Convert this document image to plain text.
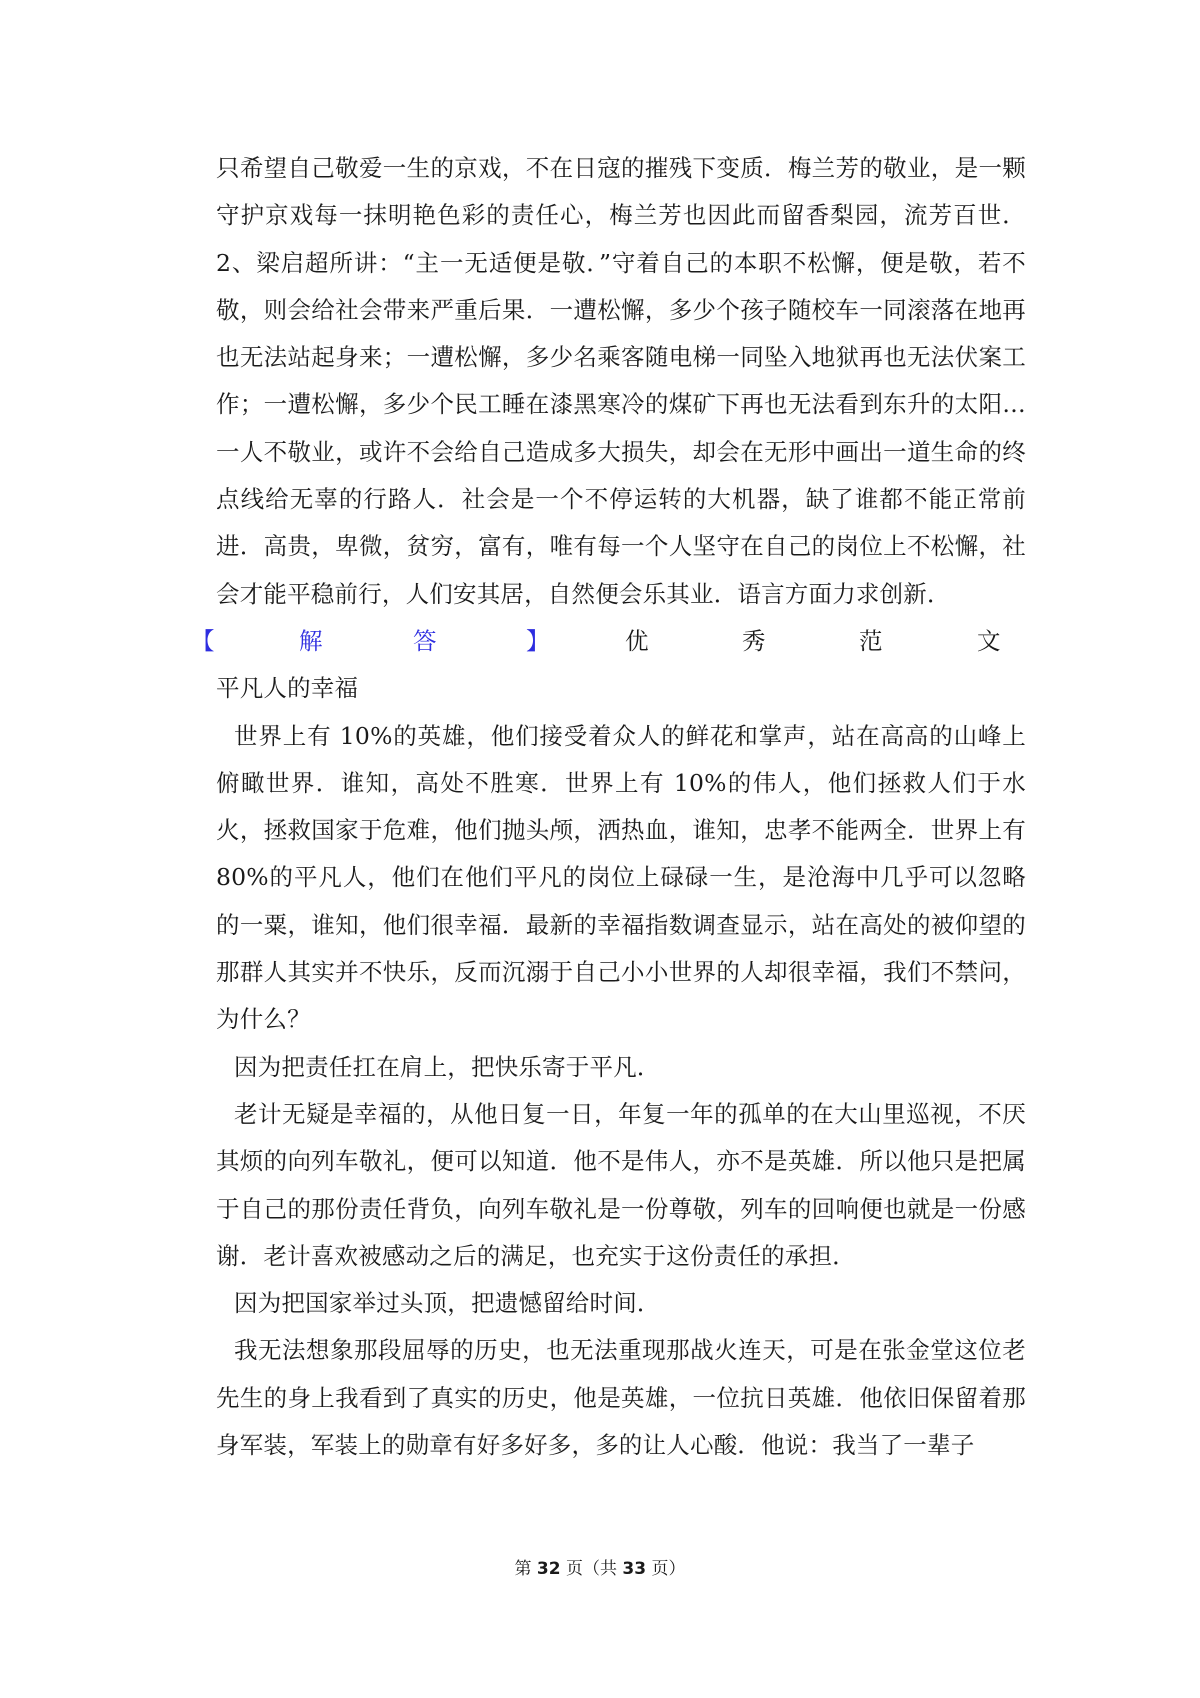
只希望自己敬爱一生的京戏，不在日寇的摧残下变质．梅兰芳的敬业，是一颗守护京戏每一抹明艳色彩的责任心，梅兰芳也因此而留香梨园，流芳百世．2、梁启超所讲：“主一无适便是敬．”守着自己的本职不松懈，便是敬，若不敬，则会给社会带来严重后果．一遭松懈，多少个孩子随校车一同滚落在地再也无法站起身来；一遭松懈，多少名乘客随电梯一同坠入地狱再也无法伏案工作；一遭松懈，多少个民工睡在漆黑寒冷的煤矿下再也无法看到东升的太阳…一人不敬业，或许不会给自己造成多大损失，却会在无形中画出一道生命的终点线给无辜的行路人．社会是一个不停运转的大机器，缺了谁都不能正常前进．高贵，卑微，贫穷，富有，唯有每一个人坚守在自己的岗位上不松懈，社会才能平稳前行，人们安其居，自然便会乐其业．语言方面力求创新．

【	解	答	】	优	秀	范	文

平凡人的幸福

世界上有 10%的英雄，他们接受着众人的鲜花和掌声，站在高高的山峰上俯瞰世界．谁知，高处不胜寒．世界上有 10%的伟人，他们拯救人们于水火，拯救国家于危难，他们抛头颅，洒热血，谁知，忠孝不能两全．世界上有 80%的平凡人，他们在他们平凡的岗位上碌碌一生，是沧海中几乎可以忽略的一粟，谁知，他们很幸福．最新的幸福指数调查显示，站在高处的被仰望的那群人其实并不快乐，反而沉溺于自己小小世界的人却很幸福，我们不禁问，为什么？

因为把责任扛在肩上，把快乐寄于平凡．

老计无疑是幸福的，从他日复一日，年复一年的孤单的在大山里巡视，不厌其烦的向列车敬礼，便可以知道．他不是伟人，亦不是英雄．所以他只是把属于自己的那份责任背负，向列车敬礼是一份尊敬，列车的回响便也就是一份感谢．老计喜欢被感动之后的满足，也充实于这份责任的承担．

因为把国家举过头顶，把遗憾留给时间．

我无法想象那段屈辱的历史，也无法重现那战火连天，可是在张金堂这位老先生的身上我看到了真实的历史，他是英雄，一位抗日英雄．他依旧保留着那身军装，军装上的勋章有好多好多，多的让人心酸．他说：我当了一辈子

第 32 页（共 33 页）
